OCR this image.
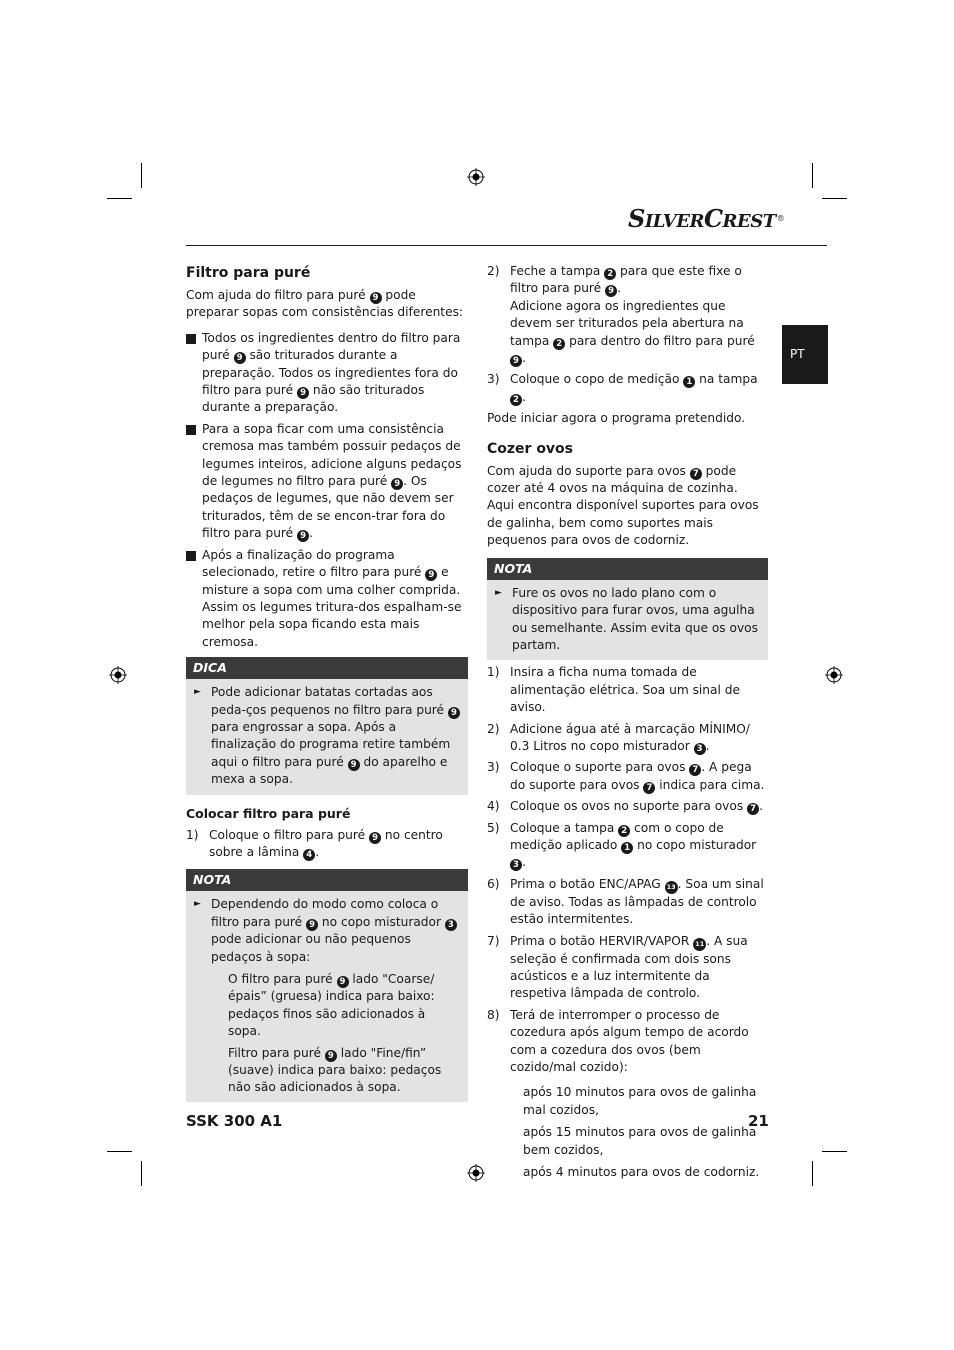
SILVERCREST®
PT
Filtro para puré

Com ajuda do filtro para puré 9 pode preparar sopas com consistências diferentes:

Todos os ingredientes dentro do filtro para puré 9 são triturados durante a preparação. Todos os ingredientes fora do filtro para puré 9 não são triturados durante a preparação.
Para a sopa ficar com uma consistência cremosa mas também possuir pedaços de legumes inteiros, adicione alguns pedaços de legumes no filtro para puré 9 . Os pedaços de legumes, que não devem ser triturados, têm de se encon-trar fora do filtro para puré 9 .
Após a finalização do programa selecionado, retire o filtro para puré 9 e misture a sopa com uma colher comprida. Assim os legumes tritura-dos espalham-se melhor pela sopa ficando esta mais cremosa.
DICA
► Pode adicionar batatas cortadas aos peda-ços pequenos no filtro para puré 9 para engrossar a sopa. Após a finalização do programa retire também aqui o filtro para puré 9 do aparelho e mexa a sopa.
Colocar filtro para puré
1) Coloque o filtro para puré 9 no centro sobre a lâmina 4 .
NOTA
► Dependendo do modo como coloca o filtro para puré 9 no copo misturador 3 pode adicionar ou não pequenos pedaços à sopa:

O filtro para puré 9 lado "Coarse/ épais” (gruesa) indica para baixo: pedaços finos são adicionados à sopa.

Filtro para puré 9 lado "Fine/fin” (suave) indica para baixo: pedaços não são adicionados à sopa.

2) Feche a tampa 2 para que este fixe o filtro para puré 9 .

Adicione agora os ingredientes que devem ser triturados pela abertura na tampa 2 para dentro do filtro para puré 9 .

3) Coloque o copo de medição 1 na tampa 2 .

Pode iniciar agora o programa pretendido.

Cozer ovos

Com ajuda do suporte para ovos 7 pode cozer até 4 ovos na máquina de cozinha. Aqui encontra disponível suportes para ovos de galinha, bem como suportes mais pequenos para ovos de codorniz.

NOTA
► Fure os ovos no lado plano com o dispositivo para furar ovos, uma agulha ou semelhante. Assim evita que os ovos partam.
1) Insira a ficha numa tomada de alimentação elétrica. Soa um sinal de aviso.
2) Adicione água até à marcação MÍNIMO/ 0.3 Litros no copo misturador 3 .
3) Coloque o suporte para ovos 7 . A pega do suporte para ovos 7 indica para cima.
4) Coloque os ovos no suporte para ovos 7 .
5) Coloque a tampa 2 com o copo de medição aplicado 1 no copo misturador 3 .
6) Prima o botão ENC/APAG 13 . Soa um sinal de aviso. Todas as lâmpadas de controlo estão intermitentes.
7) Prima o botão HERVIR/VAPOR 11 . A sua seleção é confirmada com dois sons acústicos e a luz intermitente da respetiva lâmpada de controlo.
8) Terá de interromper o processo de cozedura após algum tempo de acordo com a cozedura dos ovos (bem cozido/mal cozido):

após 10 minutos para ovos de galinha mal cozidos,

após 15 minutos para ovos de galinha bem cozidos,

após 4 minutos para ovos de codorniz.

SSK 300 A1	21
